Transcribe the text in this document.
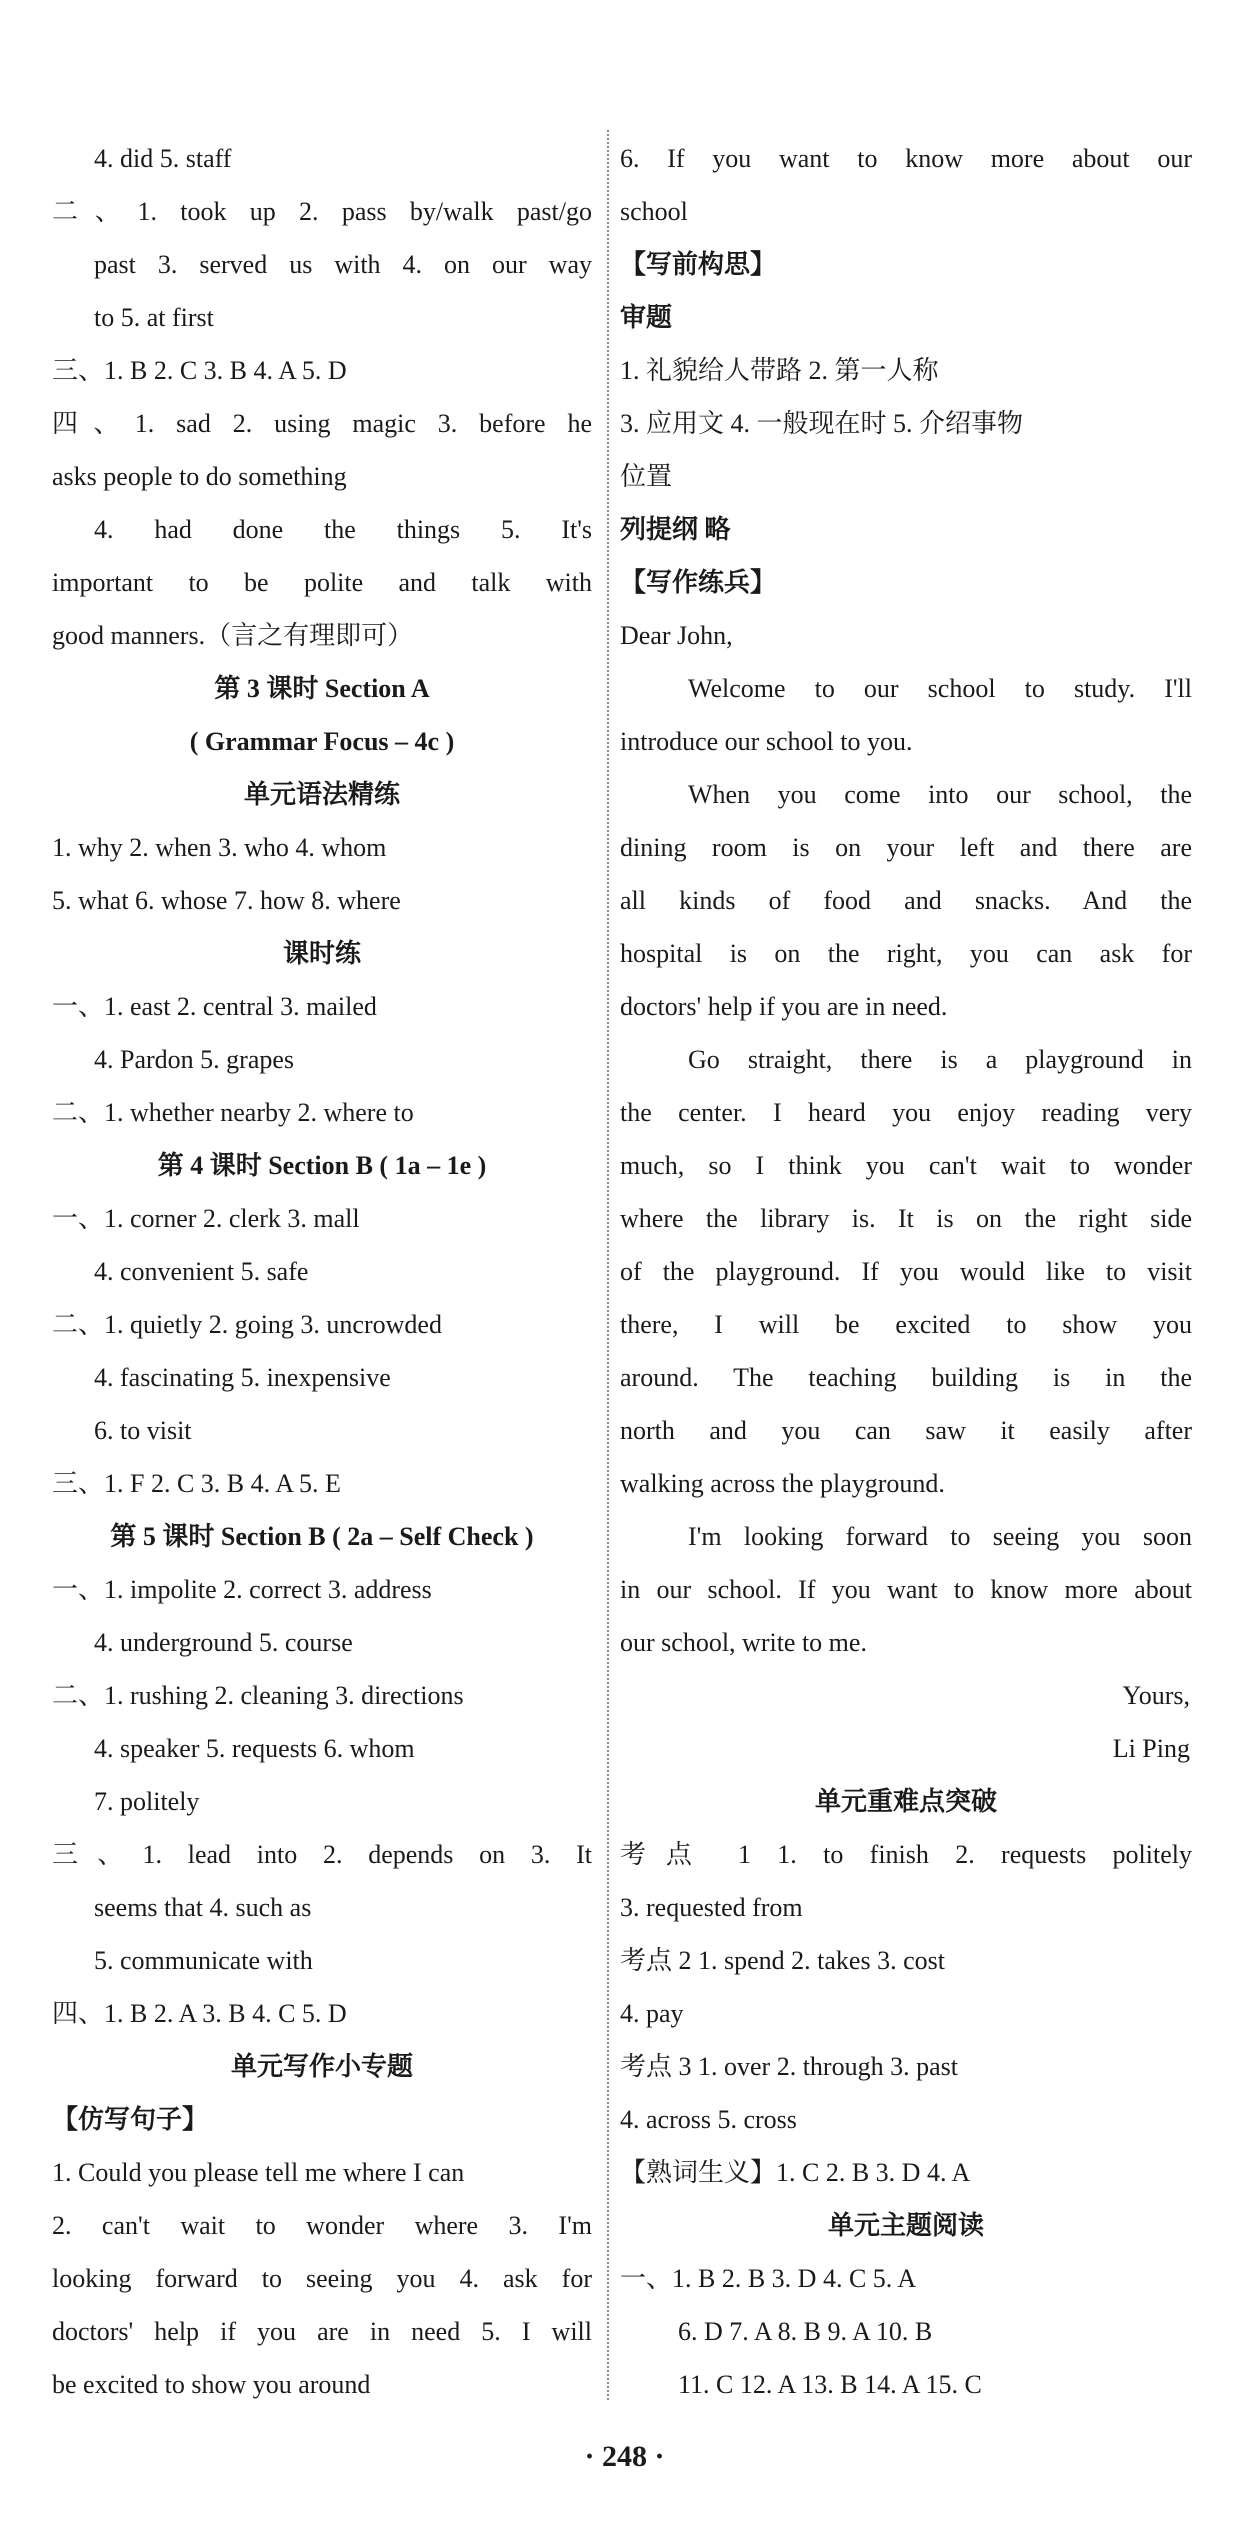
4. did 5. staff
二、1. took up 2. pass by/walk past/go
past 3. served us with 4. on our way
to 5. at first
三、1. B 2. C 3. B 4. A 5. D
四、1. sad 2. using magic 3. before he
asks people to do something
4. had done the things 5. It's
important to be polite and talk with
good manners.（言之有理即可）
第 3 课时 Section A
( Grammar Focus – 4c )
单元语法精练
1. why 2. when 3. who 4. whom
5. what 6. whose 7. how 8. where
课时练
一、1. east 2. central 3. mailed
4. Pardon 5. grapes
二、1. whether nearby 2. where to
第 4 课时 Section B ( 1a – 1e )
一、1. corner 2. clerk 3. mall
4. convenient 5. safe
二、1. quietly 2. going 3. uncrowded
4. fascinating 5. inexpensive
6. to visit
三、1. F 2. C 3. B 4. A 5. E
第 5 课时 Section B ( 2a – Self Check )
一、1. impolite 2. correct 3. address
4. underground 5. course
二、1. rushing 2. cleaning 3. directions
4. speaker 5. requests 6. whom
7. politely
三、1. lead into 2. depends on 3. It
seems that 4. such as
5. communicate with
四、1. B 2. A 3. B 4. C 5. D
单元写作小专题
【仿写句子】
1. Could you please tell me where I can
2. can't wait to wonder where 3. I'm
looking forward to seeing you 4. ask for
doctors' help if you are in need 5. I will
be excited to show you around
6. If you want to know more about our
school
【写前构思】
审题
1. 礼貌给人带路 2. 第一人称
3. 应用文 4. 一般现在时 5. 介绍事物
位置
列提纲 略
【写作练兵】
Dear John,
Welcome to our school to study. I'll
introduce our school to you.
When you come into our school, the
dining room is on your left and there are
all kinds of food and snacks. And the
hospital is on the right, you can ask for
doctors' help if you are in need.
Go straight, there is a playground in
the center. I heard you enjoy reading very
much, so I think you can't wait to wonder
where the library is. It is on the right side
of the playground. If you would like to visit
there, I will be excited to show you
around. The teaching building is in the
north and you can saw it easily after
walking across the playground.
I'm looking forward to seeing you soon
in our school. If you want to know more about
our school, write to me.
Yours,
Li Ping
单元重难点突破
考点 1 1. to finish 2. requests politely
3. requested from
考点 2 1. spend 2. takes 3. cost
4. pay
考点 3 1. over 2. through 3. past
4. across 5. cross
【熟词生义】1. C 2. B 3. D 4. A
单元主题阅读
一、1. B 2. B 3. D 4. C 5. A
6. D 7. A 8. B 9. A 10. B
11. C 12. A 13. B 14. A 15. C
· 248 ·
